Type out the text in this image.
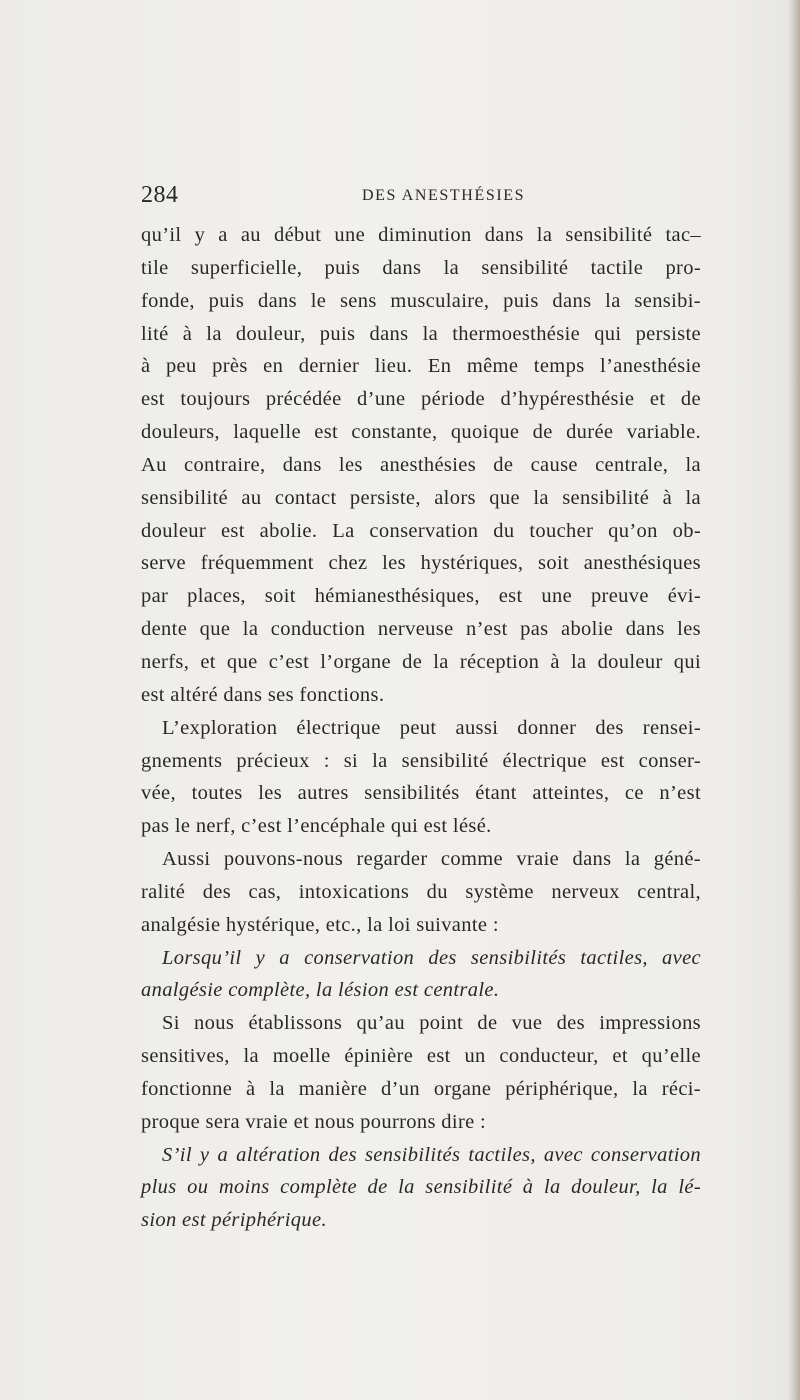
284	DES ANESTHÉSIES
qu’il y a au début une diminution dans la sensibilité tac–
tile superficielle, puis dans la sensibilité tactile pro-
fonde, puis dans le sens musculaire, puis dans la sensibi-
lité à la douleur, puis dans la thermoesthésie qui persiste
à peu près en dernier lieu. En même temps l’anesthésie
est toujours précédée d’une période d’hypéresthésie et de
douleurs, laquelle est constante, quoique de durée variable.
Au contraire, dans les anesthésies de cause centrale, la
sensibilité au contact persiste, alors que la sensibilité à la
douleur est abolie. La conservation du toucher qu’on ob-
serve fréquemment chez les hystériques, soit anesthésiques
par places, soit hémianesthésiques, est une preuve évi-
dente que la conduction nerveuse n’est pas abolie dans les
nerfs, et que c’est l’organe de la réception à la douleur qui
est altéré dans ses fonctions.
L’exploration électrique peut aussi donner des rensei-
gnements précieux : si la sensibilité électrique est conser-
vée, toutes les autres sensibilités étant atteintes, ce n’est
pas le nerf, c’est l’encéphale qui est lésé.
Aussi pouvons-nous regarder comme vraie dans la géné-
ralité des cas, intoxications du système nerveux central,
analgésie hystérique, etc., la loi suivante :
Lorsqu’il y a conservation des sensibilités tactiles, avec
analgésie complète, la lésion est centrale.
Si nous établissons qu’au point de vue des impressions
sensitives, la moelle épinière est un conducteur, et qu’elle
fonctionne à la manière d’un organe périphérique, la réci-
proque sera vraie et nous pourrons dire :
S’il y a altération des sensibilités tactiles, avec conservation
plus ou moins complète de la sensibilité à la douleur, la lé-
sion est périphérique.
